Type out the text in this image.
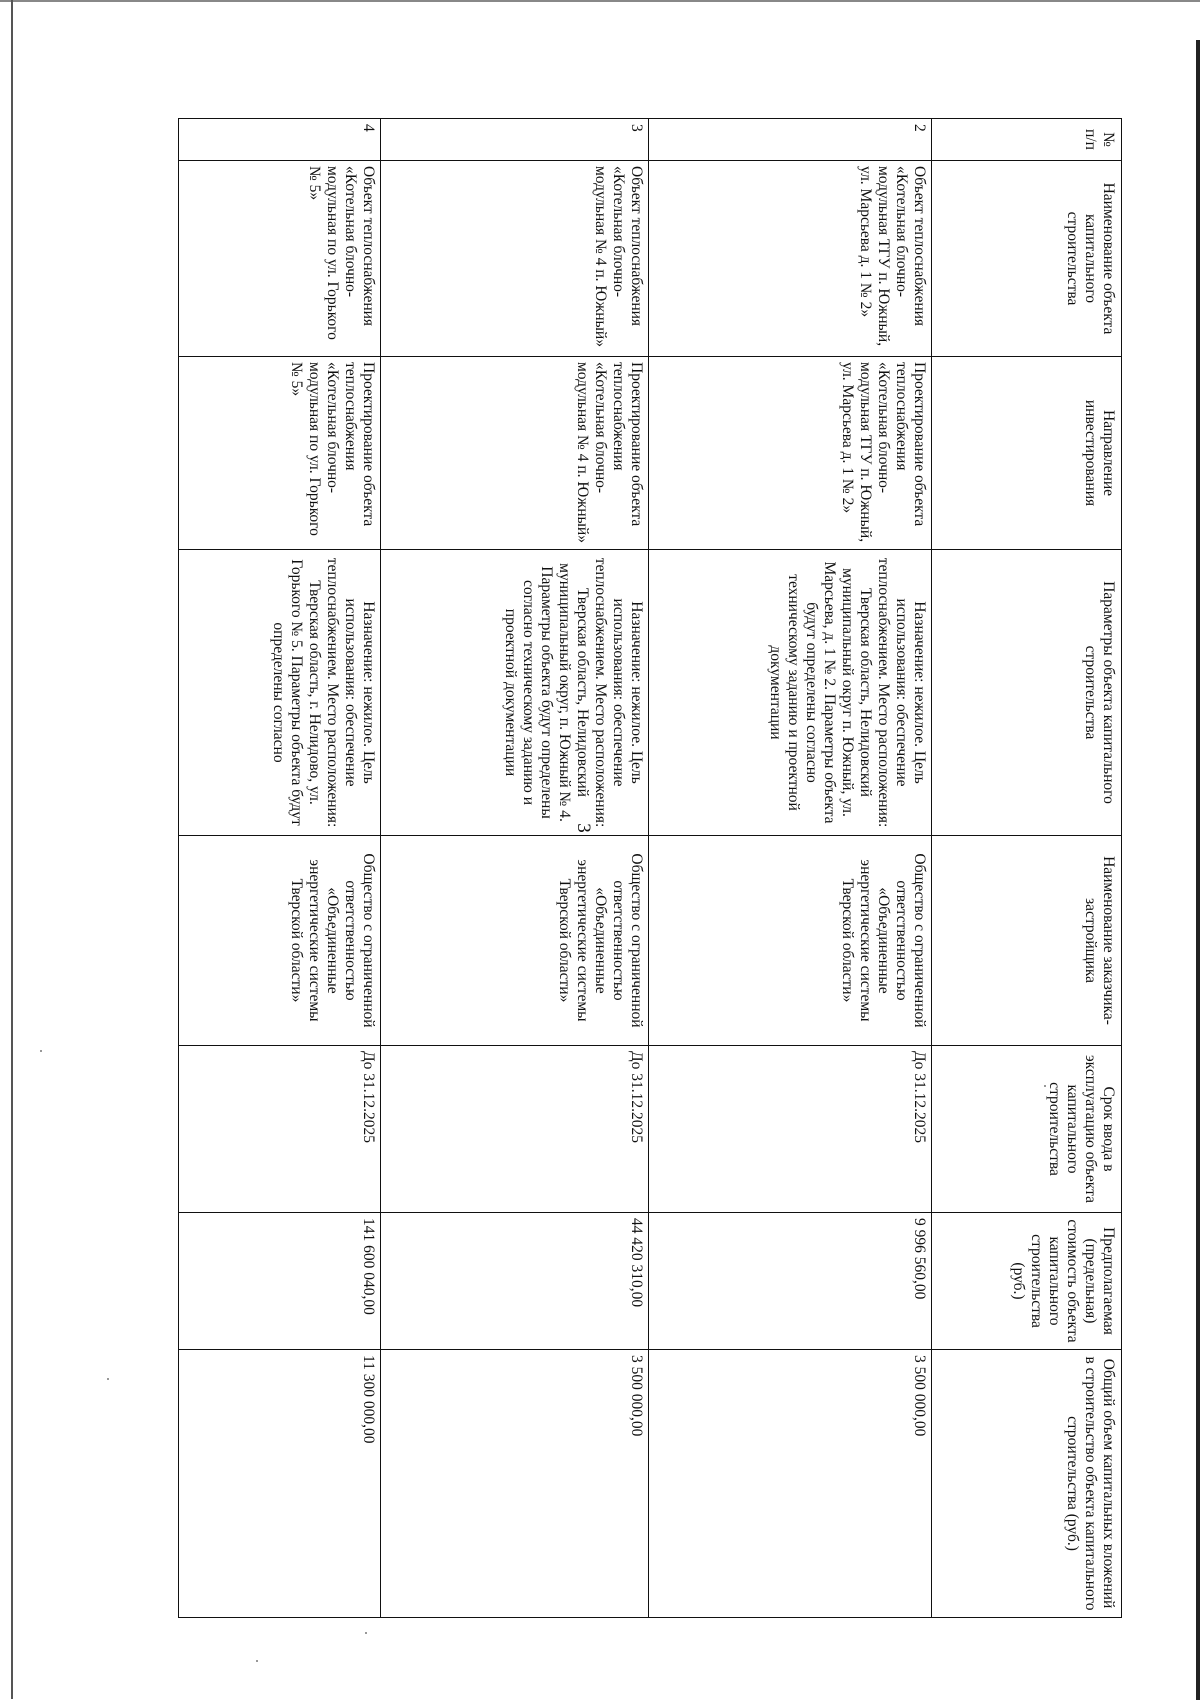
3
№ п/п	Наименование объекта капитального строительства	Направление инвестирования	Параметры объекта капитального строительства	Наименование заказчика-застройщика	Срок ввода в эксплуатацию объекта капитального строительства	Предполагаемая (предельная) стоимость объекта капитального строительства (руб.)	Общий объем капитальных вложений в строительство объекта капитального строительства (руб.)
2	Объект теплоснабжения «Котельная блочно-модульная ТГУ п. Южный, ул. Марсьева д. 1 № 2»	Проектирование объекта теплоснабжения «Котельная блочно-модульная ТГУ п. Южный, ул. Марсьева д. 1 № 2»	Назначение: нежилое. Цель использования: обеспечение теплоснабжением. Место расположения: Тверская область, Нелидовский муниципальный округ п. Южный, ул. Марсьева, д. 1 № 2. Параметры объекта будут определены согласно техническому заданию и проектной документации	Общество с ограниченной ответственностью «Объединенные энергетические системы Тверской области»	До 31.12.2025	9 996 560,00	3 500 000,00
3	Объект теплоснабжения «Котельная блочно-модульная № 4 п. Южный»	Проектирование объекта теплоснабжения «Котельная блочно-модульная № 4 п. Южный»	Назначение: нежилое. Цель использования: обеспечение теплоснабжением. Место расположения: Тверская область, Нелидовский муниципальный округ, п. Южный № 4. Параметры объекта будут определены согласно техническому заданию и проектной документации	Общество с ограниченной ответственностью «Объединенные энергетические системы Тверской области»	До 31.12.2025	44 420 310,00	3 500 000,00
4	Объект теплоснабжения «Котельная блочно-модульная по ул. Горького № 5»	Проектирование объекта теплоснабжения «Котельная блочно-модульная по ул. Горького № 5»	Назначение: нежилое. Цель использования: обеспечение теплоснабжением. Место расположения: Тверская область, г. Нелидово, ул. Горького № 5. Параметры объекта будут определены согласно	Общество с ограниченной ответственностью «Объединенные энергетические системы Тверской области»	До 31.12.2025	141 600 040,00	11 300 000,00
